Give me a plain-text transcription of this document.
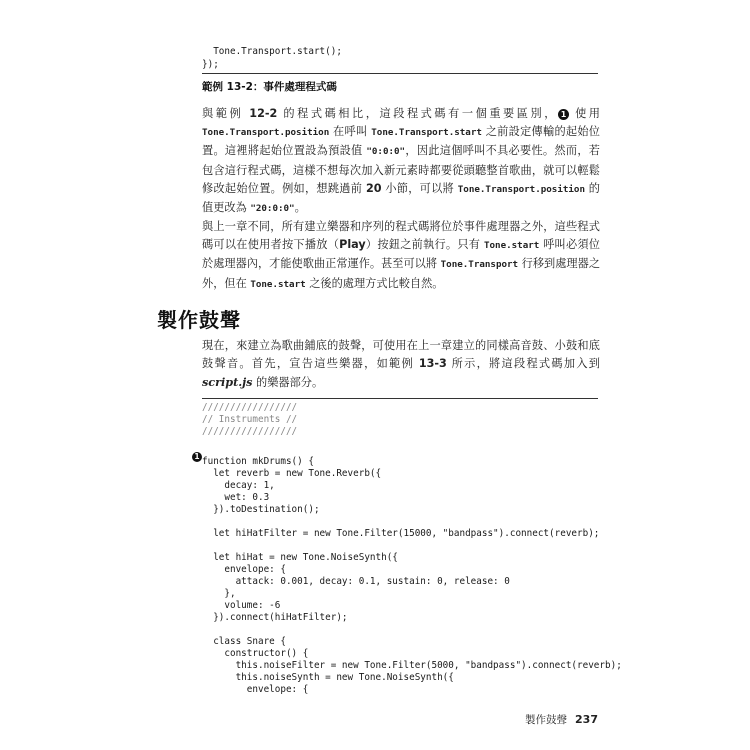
Tone.Transport.start();
});
範例 13-2：事件處理程式碼
與範例 12-2 的程式碼相比，這段程式碼有一個重要區別， 1 使用 Tone.Transport.position 在呼叫 Tone.Transport.start 之前設定傳輸的起始位置。這裡將起始位置設為預設值 "0:0:0"，因此這個呼叫不具必要性。然而，若包含這行程式碼，這樣不想每次加入新元素時都要從頭聽整首歌曲，就可以輕鬆修改起始位置。例如，想跳過前 20 小節，可以將 Tone.Transport.position 的值更改為 "20:0:0"。
與上一章不同，所有建立樂器和序列的程式碼將位於事件處理器之外，這些程式碼可以在使用者按下播放（Play）按鈕之前執行。只有 Tone.start 呼叫必須位於處理器內，才能使歌曲正常運作。甚至可以將 Tone.Transport 行移到處理器之外，但在 Tone.start 之後的處理方式比較自然。
製作鼓聲
現在，來建立為歌曲鋪底的鼓聲，可使用在上一章建立的同樣高音鼓、小鼓和底鼓聲音。首先，宣告這些樂器，如範例 13-3 所示，將這段程式碼加入到 script.js 的樂器部分。
1
/////////////////
// Instruments //
/////////////////
function mkDrums() {
let reverb = new Tone.Reverb({
decay: 1,
wet: 0.3
}).toDestination();
let hiHatFilter = new Tone.Filter(15000, "bandpass").connect(reverb);
let hiHat = new Tone.NoiseSynth({
envelope: {
attack: 0.001, decay: 0.1, sustain: 0, release: 0
},
volume: -6
}).connect(hiHatFilter);
class Snare {
constructor() {
this.noiseFilter = new Tone.Filter(5000, "bandpass").connect(reverb);
this.noiseSynth = new Tone.NoiseSynth({
envelope: {
製作鼓聲 237
